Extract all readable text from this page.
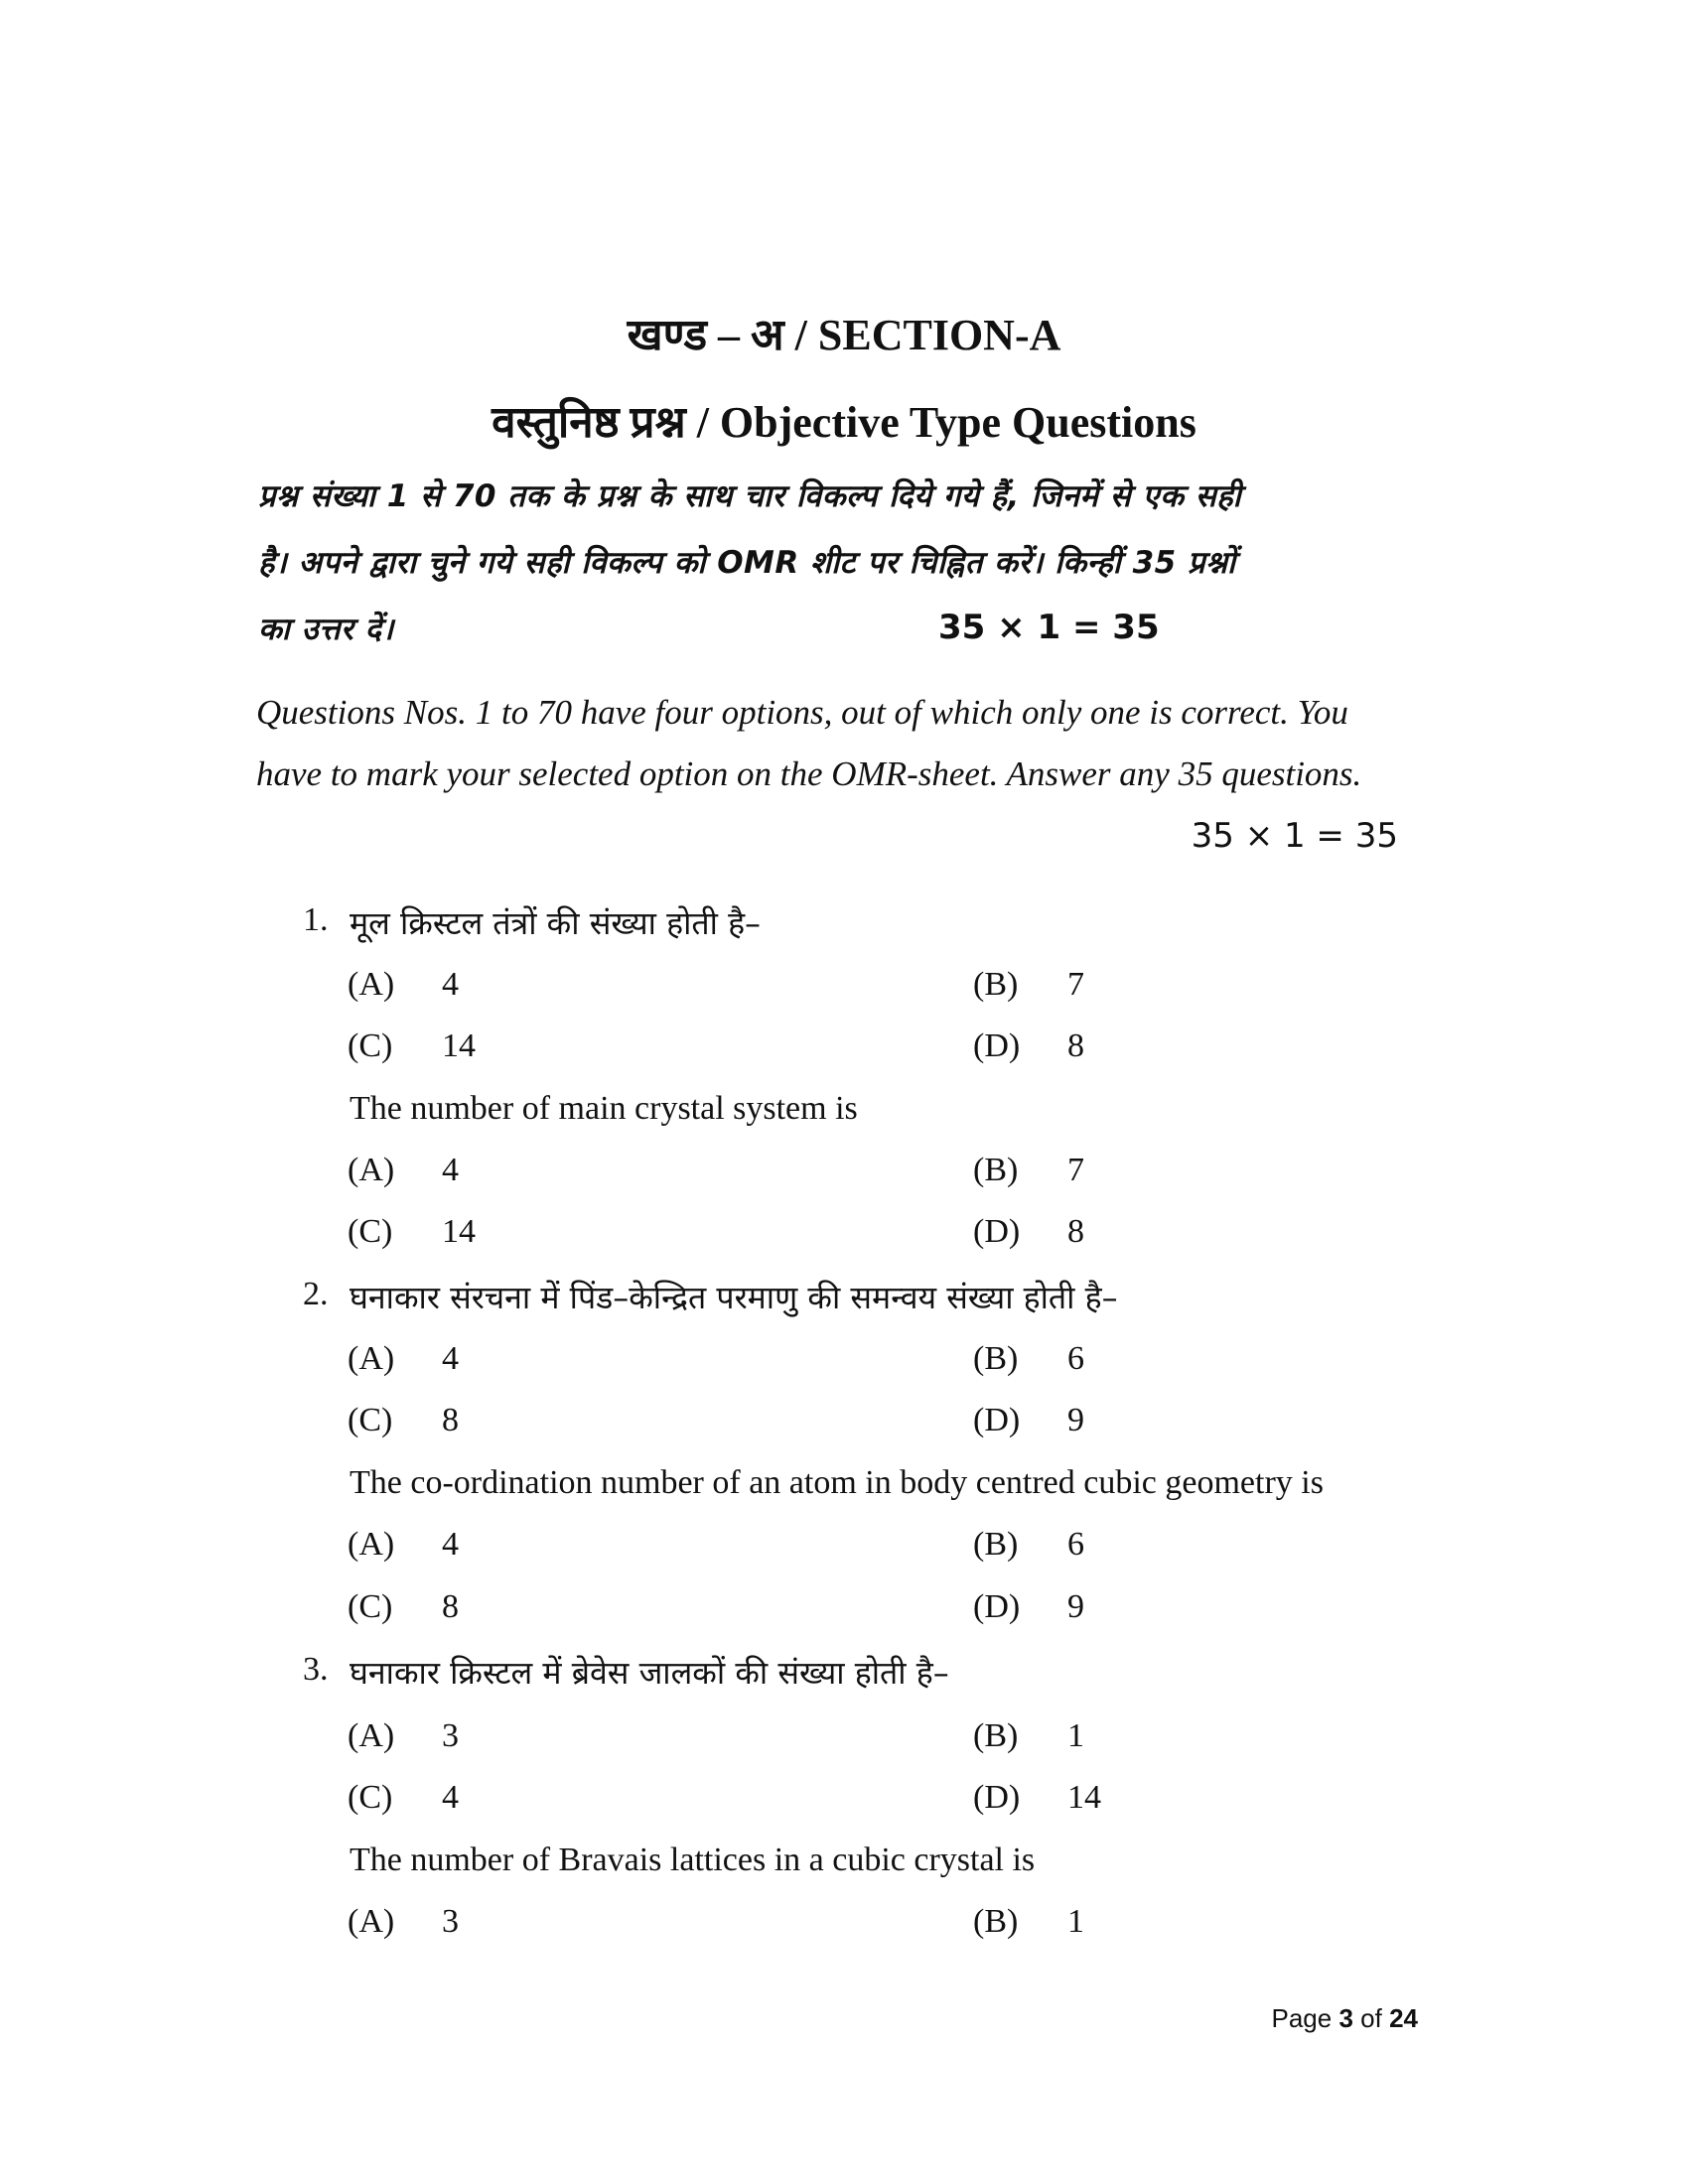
खण्ड – अ / SECTION-A
वस्तुनिष्ठ प्रश्न / Objective Type Questions
प्रश्न संख्या 1 से 70 तक के प्रश्न के साथ चार विकल्प दिये गये हैं, जिनमें से एक सही
है। अपने द्वारा चुने गये सही विकल्प को OMR शीट पर चिह्नित करें। किन्हीं 35 प्रश्नों
का उत्तर दें।	35 × 1 = 35
Questions Nos. 1 to 70 have four options, out of which only one is correct. You
have to mark your selected option on the OMR-sheet. Answer any 35 questions.
35 × 1 = 35
1. मूल क्रिस्टल तंत्रों की संख्या होती है–
(A) 4	(B) 7
(C) 14	(D) 8
The number of main crystal system is
(A) 4	(B) 7
(C) 14	(D) 8
2. घनाकार संरचना में पिंड–केन्द्रित परमाणु की समन्वय संख्या होती है–
(A) 4	(B) 6
(C) 8	(D) 9
The co-ordination number of an atom in body centred cubic geometry is
(A) 4	(B) 6
(C) 8	(D) 9
3. घनाकार क्रिस्टल में ब्रेवेस जालकों की संख्या होती है–
(A) 3	(B) 1
(C) 4	(D) 14
The number of Bravais lattices in a cubic crystal is
(A) 3	(B) 1
Page 3 of 24
